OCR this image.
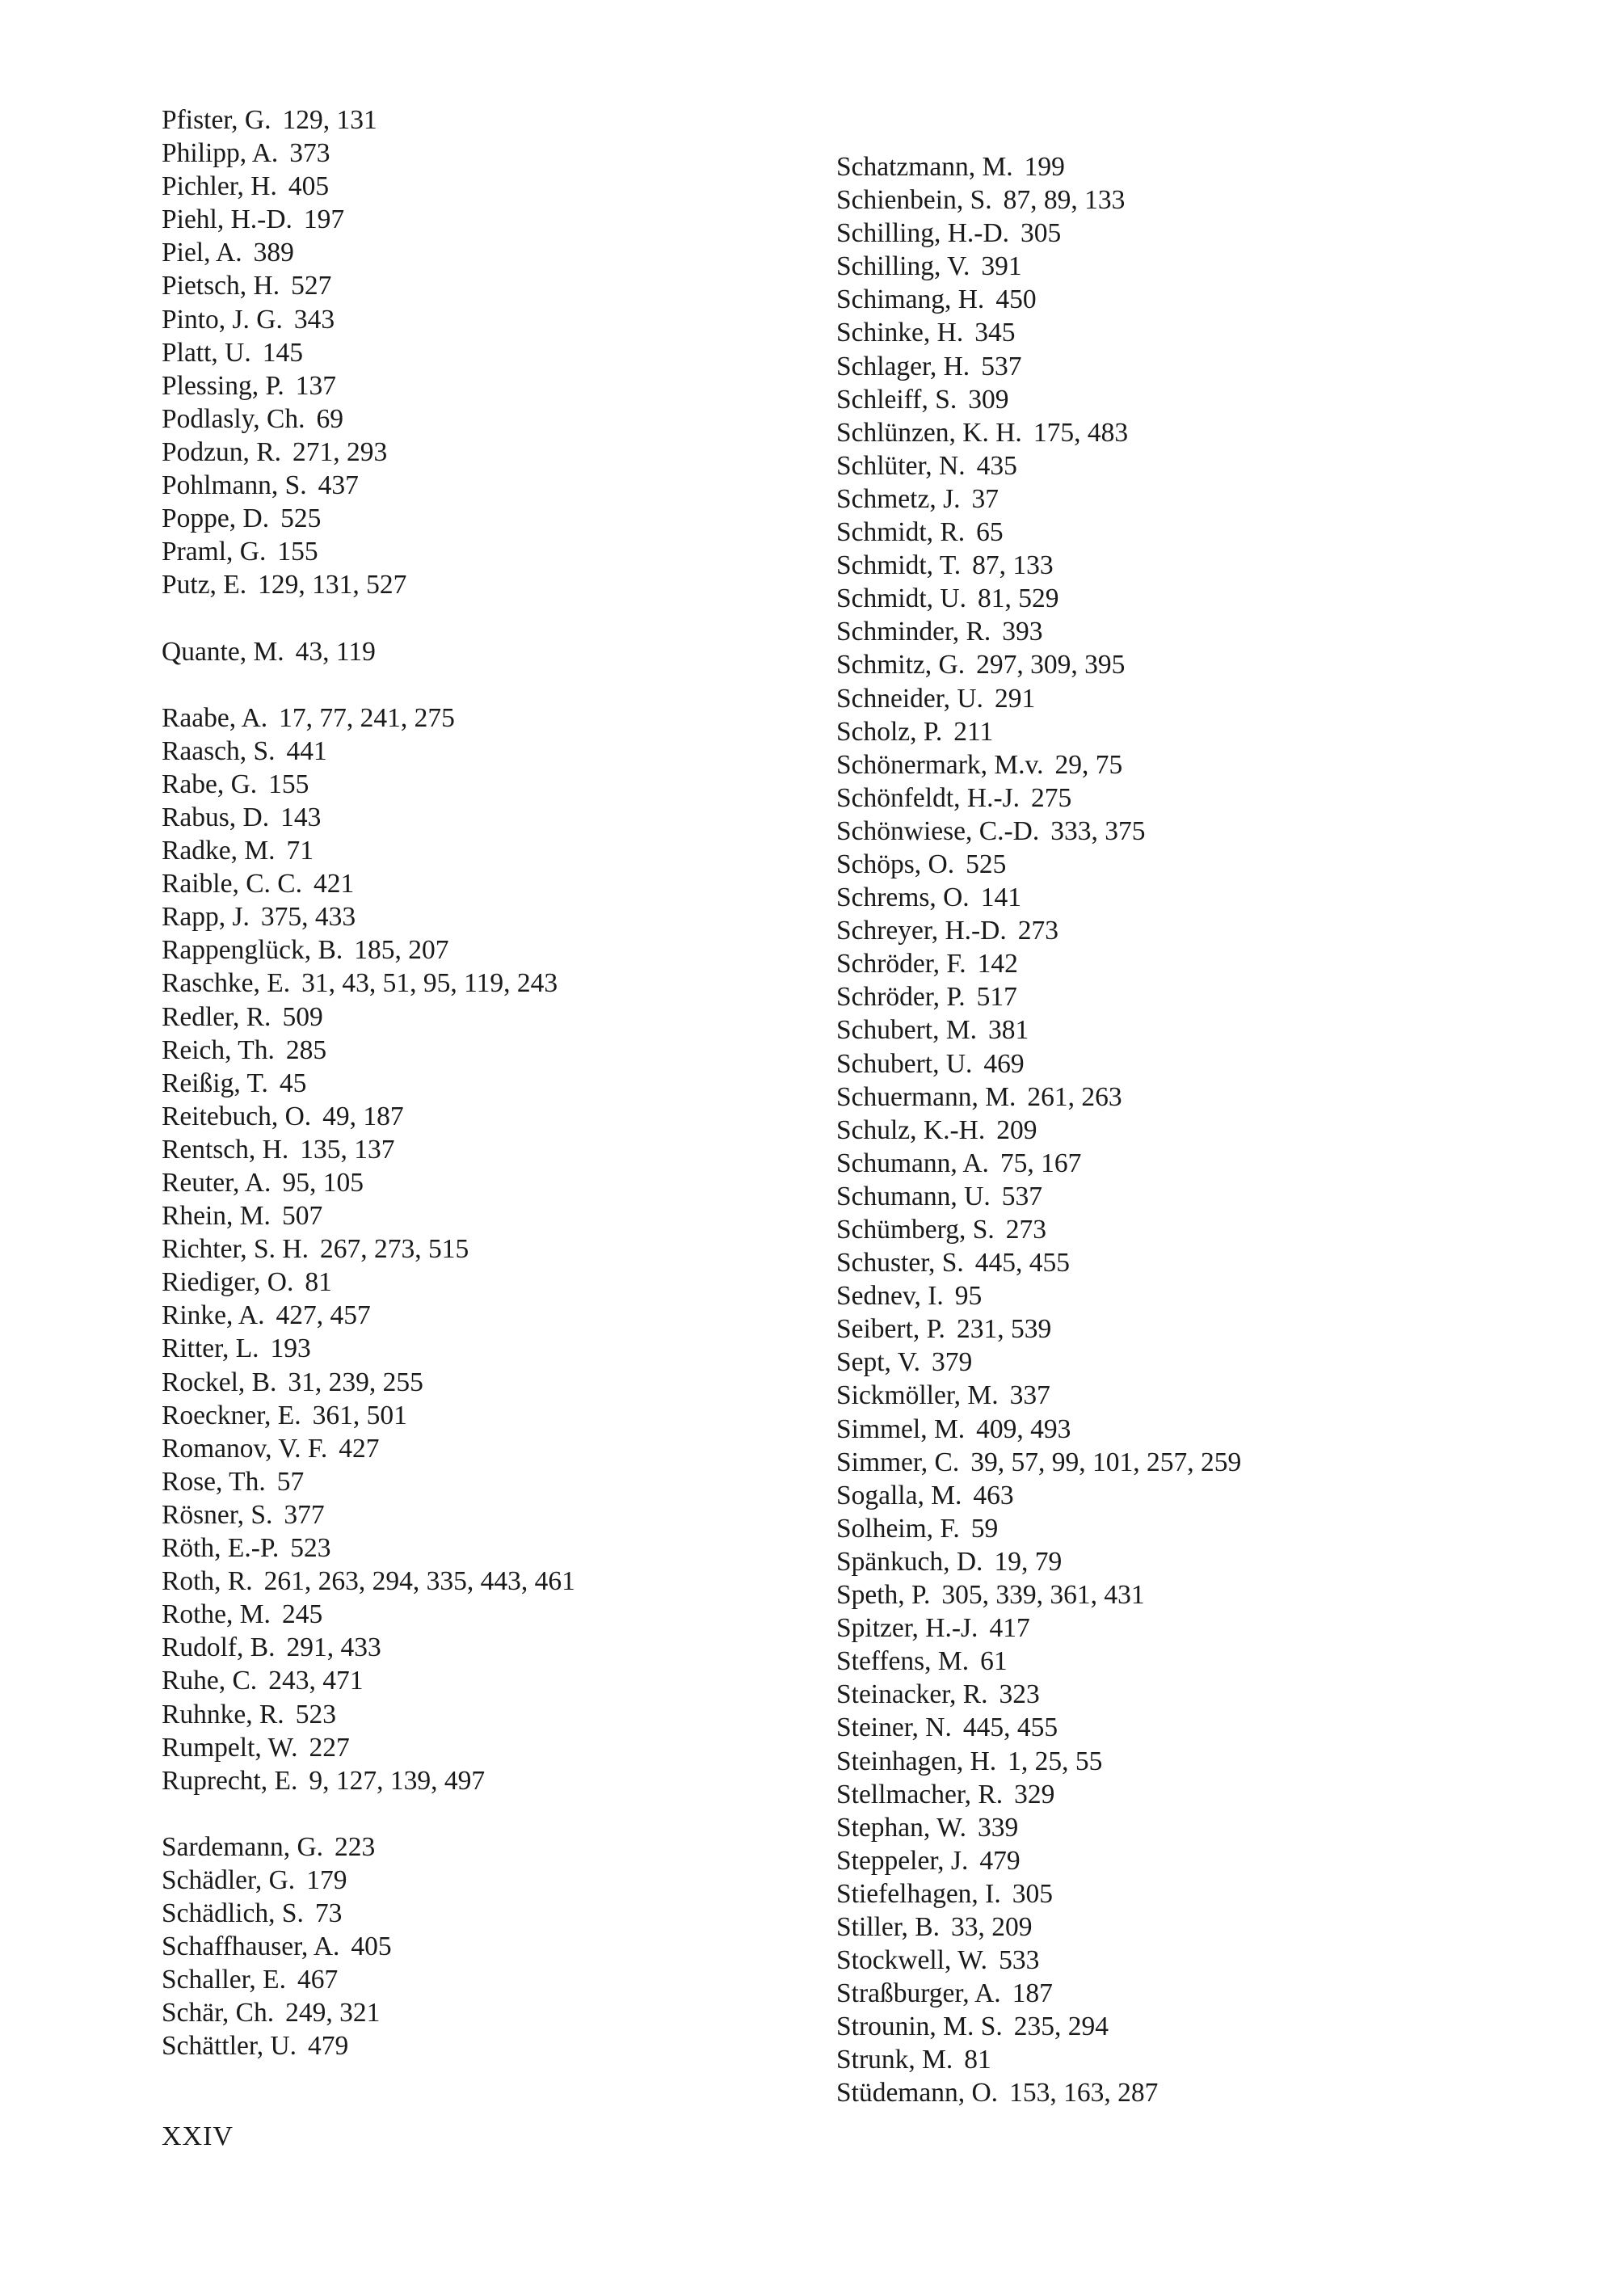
Pfister, G. 129, 131
Philipp, A. 373
Pichler, H. 405
Piehl, H.-D. 197
Piel, A. 389
Pietsch, H. 527
Pinto, J. G. 343
Platt, U. 145
Plessing, P. 137
Podlasly, Ch. 69
Podzun, R. 271, 293
Pohlmann, S. 437
Poppe, D. 525
Praml, G. 155
Putz, E. 129, 131, 527
Quante, M. 43, 119
Raabe, A. 17, 77, 241, 275
Raasch, S. 441
Rabe, G. 155
Rabus, D. 143
Radke, M. 71
Raible, C. C. 421
Rapp, J. 375, 433
Rappenglück, B. 185, 207
Raschke, E. 31, 43, 51, 95, 119, 243
Redler, R. 509
Reich, Th. 285
Reißig, T. 45
Reitebuch, O. 49, 187
Rentsch, H. 135, 137
Reuter, A. 95, 105
Rhein, M. 507
Richter, S. H. 267, 273, 515
Riediger, O. 81
Rinke, A. 427, 457
Ritter, L. 193
Rockel, B. 31, 239, 255
Roeckner, E. 361, 501
Romanov, V. F. 427
Rose, Th. 57
Rösner, S. 377
Röth, E.-P. 523
Roth, R. 261, 263, 294, 335, 443, 461
Rothe, M. 245
Rudolf, B. 291, 433
Ruhe, C. 243, 471
Ruhnke, R. 523
Rumpelt, W. 227
Ruprecht, E. 9, 127, 139, 497
Sardemann, G. 223
Schädler, G. 179
Schädlich, S. 73
Schaffhauser, A. 405
Schaller, E. 467
Schär, Ch. 249, 321
Schättler, U. 479
Schatzmann, M. 199
Schienbein, S. 87, 89, 133
Schilling, H.-D. 305
Schilling, V. 391
Schimang, H. 450
Schinke, H. 345
Schlager, H. 537
Schleiff, S. 309
Schlünzen, K. H. 175, 483
Schlüter, N. 435
Schmetz, J. 37
Schmidt, R. 65
Schmidt, T. 87, 133
Schmidt, U. 81, 529
Schminder, R. 393
Schmitz, G. 297, 309, 395
Schneider, U. 291
Scholz, P. 211
Schönermark, M.v. 29, 75
Schönfeldt, H.-J. 275
Schönwiese, C.-D. 333, 375
Schöps, O. 525
Schrems, O. 141
Schreyer, H.-D. 273
Schröder, F. 142
Schröder, P. 517
Schubert, M. 381
Schubert, U. 469
Schuermann, M. 261, 263
Schulz, K.-H. 209
Schumann, A. 75, 167
Schumann, U. 537
Schümberg, S. 273
Schuster, S. 445, 455
Sednev, I. 95
Seibert, P. 231, 539
Sept, V. 379
Sickmöller, M. 337
Simmel, M. 409, 493
Simmer, C. 39, 57, 99, 101, 257, 259
Sogalla, M. 463
Solheim, F. 59
Spänkuch, D. 19, 79
Speth, P. 305, 339, 361, 431
Spitzer, H.-J. 417
Steffens, M. 61
Steinacker, R. 323
Steiner, N. 445, 455
Steinhagen, H. 1, 25, 55
Stellmacher, R. 329
Stephan, W. 339
Steppeler, J. 479
Stiefelhagen, I. 305
Stiller, B. 33, 209
Stockwell, W. 533
Straßburger, A. 187
Strounin, M. S. 235, 294
Strunk, M. 81
Stüdemann, O. 153, 163, 287
XXIV
